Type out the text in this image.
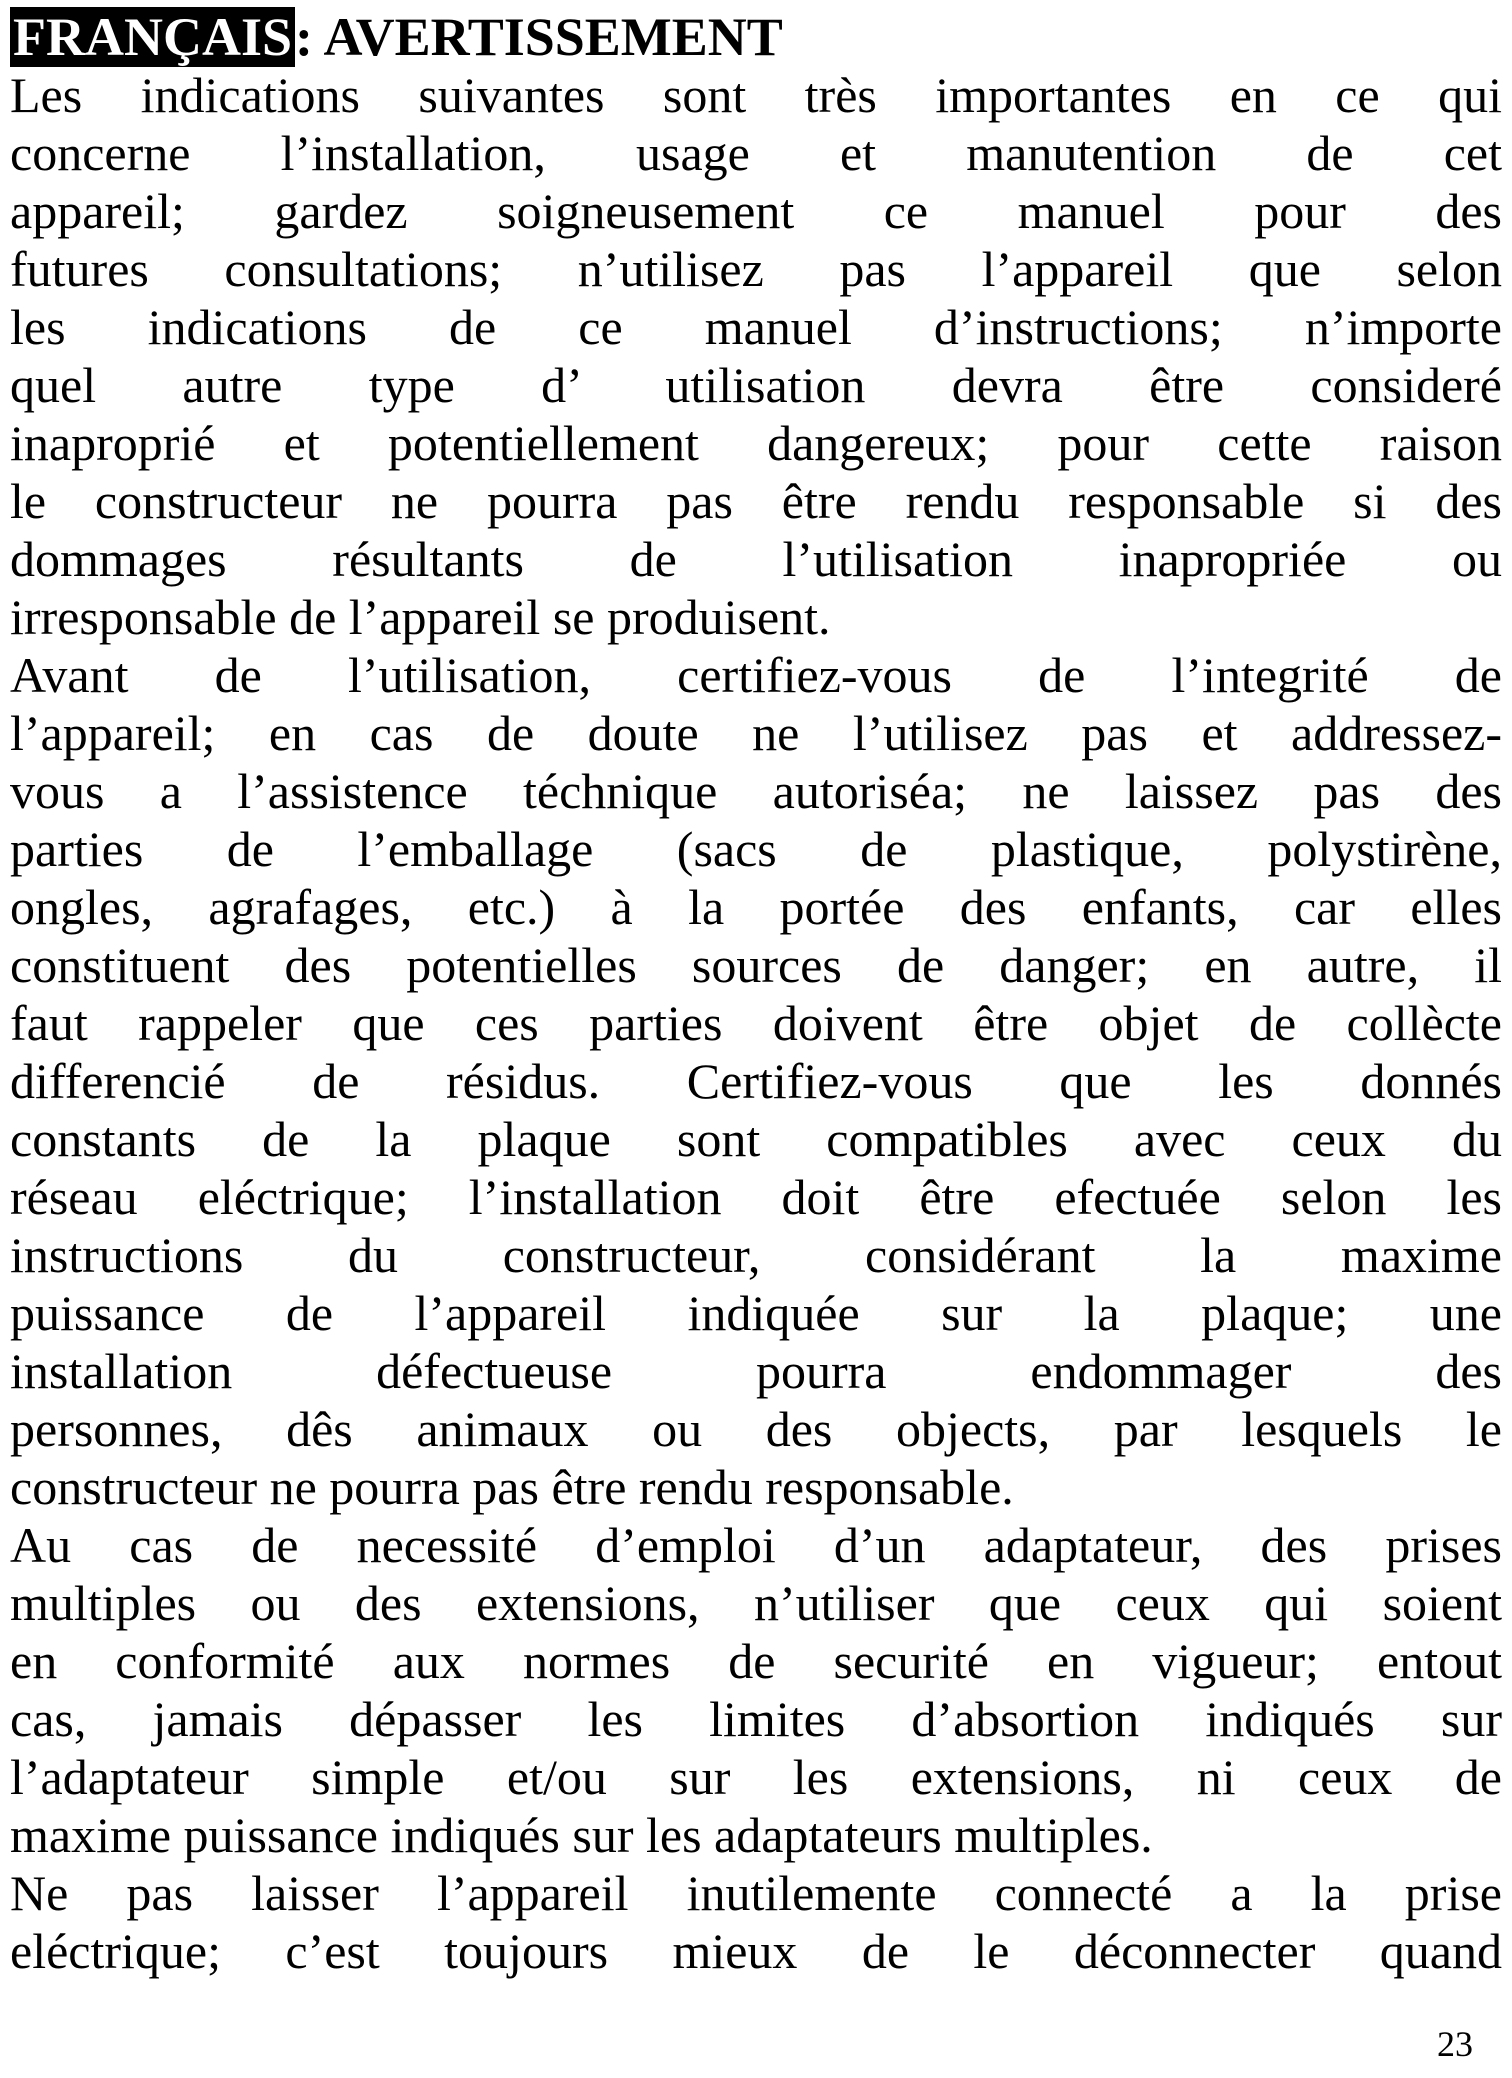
FRANÇAIS: AVERTISSEMENT
Les indications suivantes sont très importantes en ce qui
concerne l’installation, usage et manutention de cet
appareil; gardez soigneusement ce manuel pour des
futures consultations; n’utilisez pas l’appareil que selon
les indications de ce manuel d’instructions; n’importe
quel autre type d’ utilisation devra être consideré
inaproprié et potentiellement dangereux; pour cette raison
le constructeur ne pourra pas être rendu responsable si des
dommages résultants de l’utilisation inapropriée ou
irresponsable de l’appareil se produisent.
Avant de l’utilisation, certifiez-vous de l’integrité de
l’appareil; en cas de doute ne l’utilisez pas et addressez-
vous a l’assistence téchnique autoriséa; ne laissez pas des
parties de l’emballage (sacs de plastique, polystirène,
ongles, agrafages, etc.) à la portée des enfants, car elles
constituent des potentielles sources de danger; en autre, il
faut rappeler que ces parties doivent être objet de collècte
differencié de résidus. Certifiez-vous que les donnés
constants de la plaque sont compatibles avec ceux du
réseau eléctrique; l’installation doit être efectuée selon les
instructions du constructeur, considérant la maxime
puissance de l’appareil indiquée sur la plaque; une
installation défectueuse pourra endommager des
personnes, dês animaux ou des objects, par lesquels le
constructeur ne pourra pas être rendu responsable.
Au cas de necessité d’emploi d’un adaptateur, des prises
multiples ou des extensions, n’utiliser que ceux qui soient
en conformité aux normes de securité en vigueur; entout
cas, jamais dépasser les limites d’absortion indiqués sur
l’adaptateur simple et/ou sur les extensions, ni ceux de
maxime puissance indiqués sur les adaptateurs multiples.
Ne pas laisser l’appareil inutilemente connecté a la prise
eléctrique; c’est toujours mieux de le déconnecter quand
23
